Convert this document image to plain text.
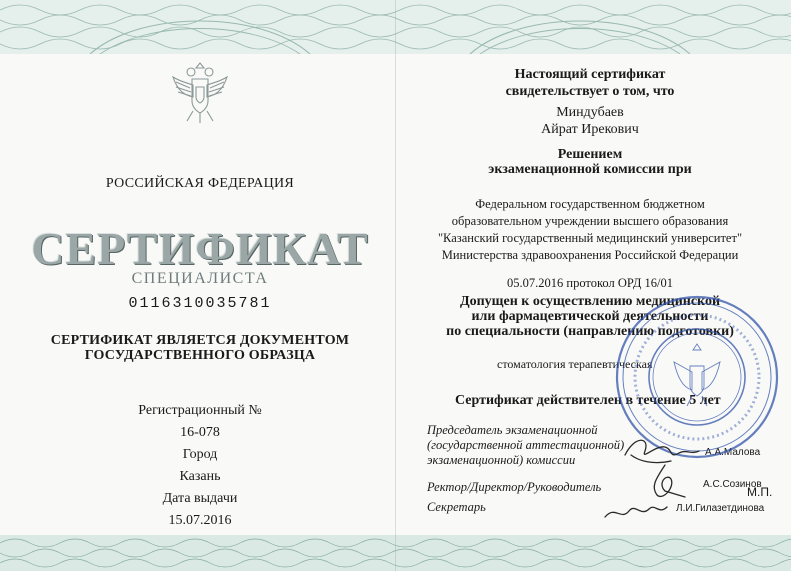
РОССИЙСКАЯ ФЕДЕРАЦИЯ
СЕРТИФИКАТ
СПЕЦИАЛИСТА
0116310035781
СЕРТИФИКАТ ЯВЛЯЕТСЯ ДОКУМЕНТОМ
ГОСУДАРСТВЕННОГО ОБРАЗЦА
Регистрационный №
16-078
Город
Казань
Дата выдачи
15.07.2016
Настоящий сертификат
свидетельствует о том, что
Миндубаев
Айрат Ирекович
Решением
экзаменационной комиссии при
Федеральном государственном бюджетном
образовательном учреждении высшего образования
"Казанский государственный медицинский университет"
Министерства здравоохранения Российской Федерации
05.07.2016 протокол ОРД 16/01
Допущен к осуществлению медицинской
или фармацевтической деятельности
по специальности (направлению подготовки)
стоматология терапевтическая
Сертификат действителен в течение 5 лет
Председатель экзаменационной
(государственной аттестационной)
экзаменационной) комиссии
Ректор/Директор/Руководитель
Секретарь
А.А.Малова
А.С.Созинов
Л.И.Гилазетдинова
М.П.
